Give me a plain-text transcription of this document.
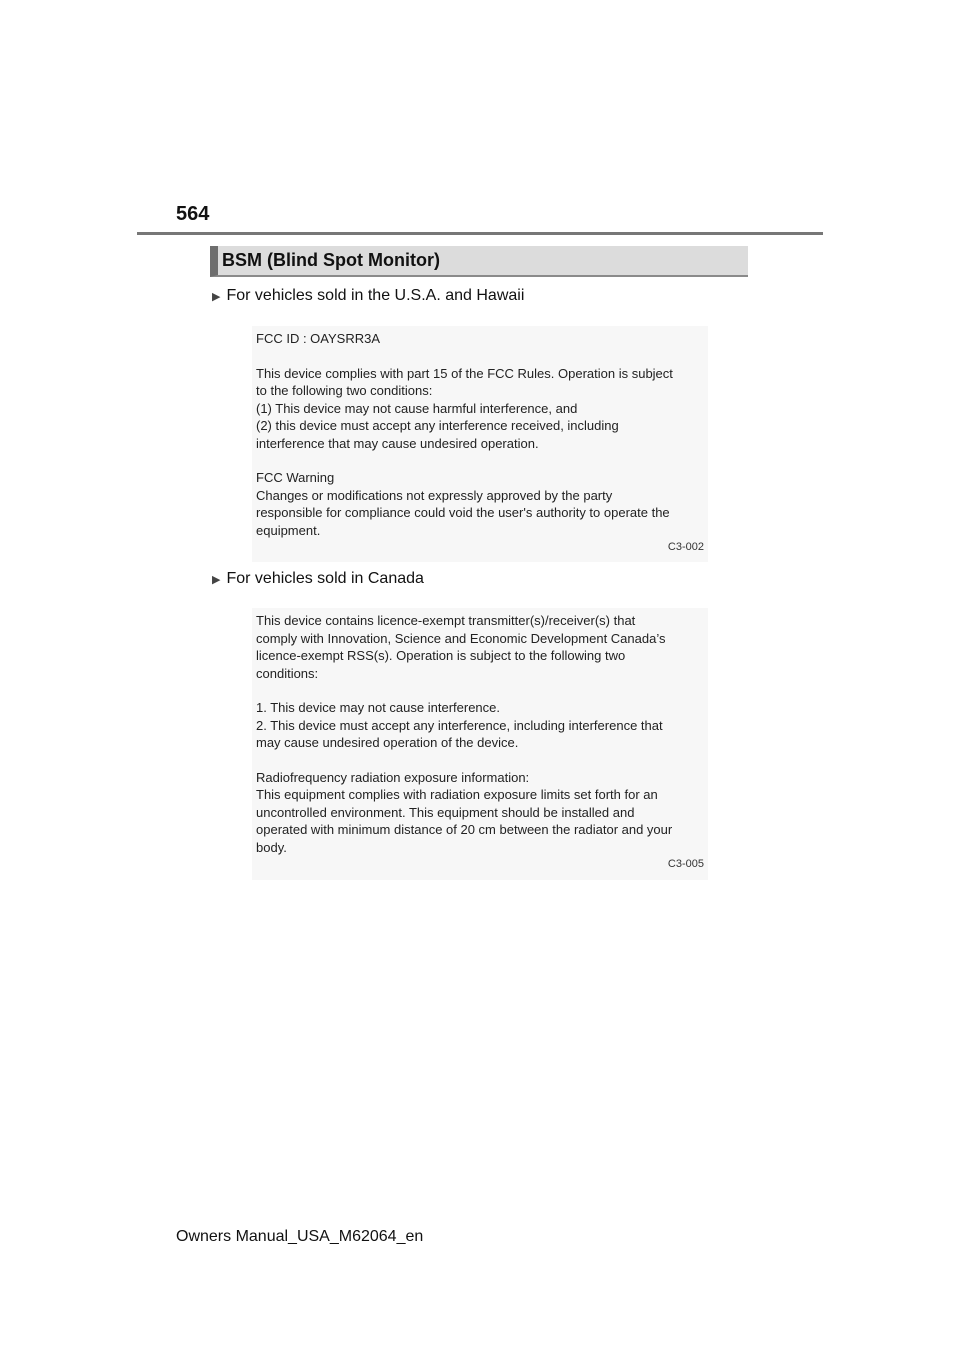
564
BSM (Blind Spot Monitor)
▶ For vehicles sold in the U.S.A. and Hawaii

FCC ID : OAYSRR3A

This device complies with part 15 of the FCC Rules. Operation is subject

to the following two conditions:

(1) This device may not cause harmful interference, and

(2) this device must accept any interference received, including

interference that may cause undesired operation.

FCC Warning

Changes or modifications not expressly approved by the party

responsible for compliance could void the user's authority to operate the

equipment.

C3-002

▶ For vehicles sold in Canada

This device contains licence-exempt transmitter(s)/receiver(s) that

comply with Innovation, Science and Economic Development Canada’s

licence-exempt RSS(s). Operation is subject to the following two

conditions:

1. This device may not cause interference.

2. This device must accept any interference, including interference that

may cause undesired operation of the device.

Radiofrequency radiation exposure information:

This equipment complies with radiation exposure limits set forth for an

uncontrolled environment. This equipment should be installed and

operated with minimum distance of 20 cm between the radiator and your

body.

C3-005

Owners Manual_USA_M62064_en
